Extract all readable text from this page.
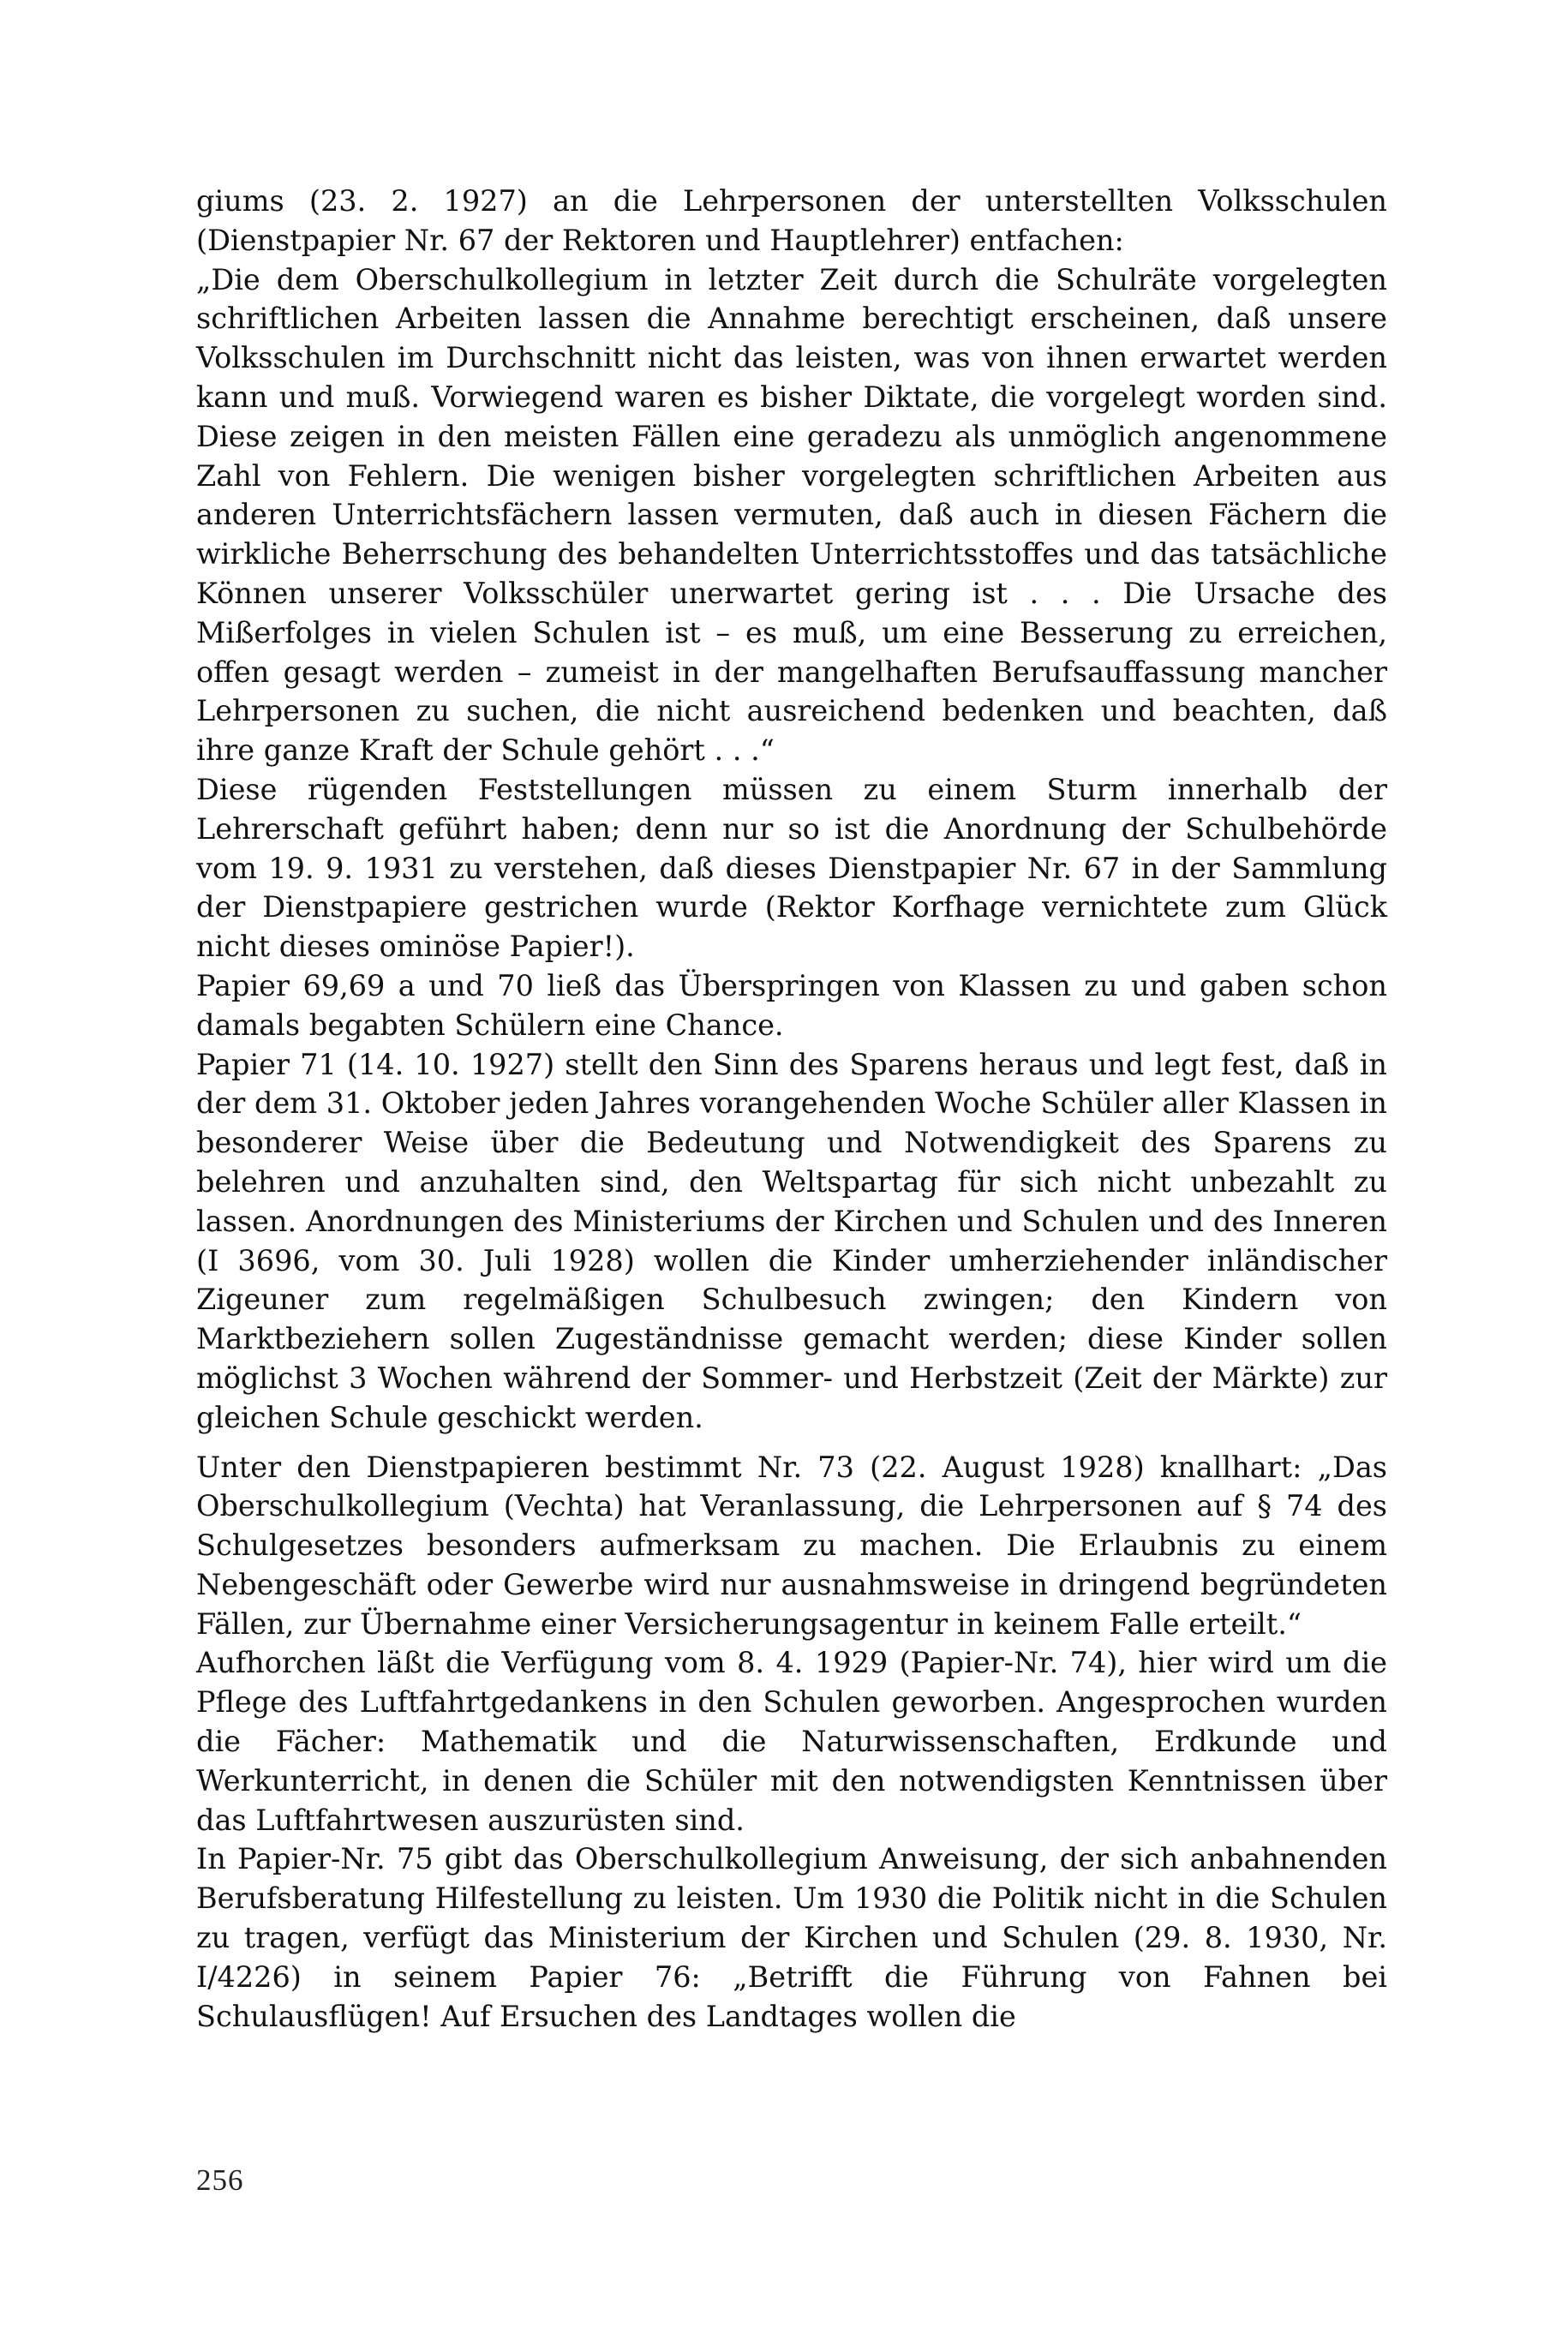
giums (23. 2. 1927) an die Lehrpersonen der unterstellten Volksschulen (Dienstpapier Nr. 67 der Rektoren und Hauptlehrer) entfachen:

„Die dem Oberschulkollegium in letzter Zeit durch die Schulräte vorgelegten schriftlichen Arbeiten lassen die Annahme berechtigt erscheinen, daß unsere Volksschulen im Durchschnitt nicht das leisten, was von ihnen erwartet werden kann und muß. Vorwiegend waren es bisher Diktate, die vorgelegt worden sind. Diese zeigen in den meisten Fällen eine geradezu als unmöglich angenommene Zahl von Fehlern. Die wenigen bisher vorgelegten schriftlichen Arbeiten aus anderen Unterrichtsfächern lassen vermuten, daß auch in diesen Fächern die wirkliche Beherrschung des behandelten Unterrichtsstoffes und das tatsächliche Können unserer Volksschüler unerwartet gering ist . . . Die Ursache des Mißerfolges in vielen Schulen ist – es muß, um eine Besserung zu erreichen, offen gesagt werden – zumeist in der mangelhaften Berufsauffassung mancher Lehrpersonen zu suchen, die nicht ausreichend bedenken und beachten, daß ihre ganze Kraft der Schule gehört . . .“

Diese rügenden Feststellungen müssen zu einem Sturm innerhalb der Lehrerschaft geführt haben; denn nur so ist die Anordnung der Schulbehörde vom 19. 9. 1931 zu verstehen, daß dieses Dienstpapier Nr. 67 in der Sammlung der Dienstpapiere gestrichen wurde (Rektor Korfhage vernichtete zum Glück nicht dieses ominöse Papier!).

Papier 69,69 a und 70 ließ das Überspringen von Klassen zu und gaben schon damals begabten Schülern eine Chance.

Papier 71 (14. 10. 1927) stellt den Sinn des Sparens heraus und legt fest, daß in der dem 31. Oktober jeden Jahres vorangehenden Woche Schüler aller Klassen in besonderer Weise über die Bedeutung und Notwendigkeit des Sparens zu belehren und anzuhalten sind, den Weltspartag für sich nicht unbezahlt zu lassen. Anordnungen des Ministeriums der Kirchen und Schulen und des Inneren (I 3696, vom 30. Juli 1928) wollen die Kinder umherziehender inländischer Zigeuner zum regelmäßigen Schulbesuch zwingen; den Kindern von Marktbeziehern sollen Zugeständnisse gemacht werden; diese Kinder sollen möglichst 3 Wochen während der Sommer- und Herbstzeit (Zeit der Märkte) zur gleichen Schule geschickt werden.

Unter den Dienstpapieren bestimmt Nr. 73 (22. August 1928) knallhart: „Das Oberschulkollegium (Vechta) hat Veranlassung, die Lehrpersonen auf § 74 des Schulgesetzes besonders aufmerksam zu machen. Die Erlaubnis zu einem Nebengeschäft oder Gewerbe wird nur ausnahmsweise in dringend begründeten Fällen, zur Übernahme einer Versicherungsagentur in keinem Falle erteilt.“

Aufhorchen läßt die Verfügung vom 8. 4. 1929 (Papier-Nr. 74), hier wird um die Pflege des Luftfahrtgedankens in den Schulen geworben. Angesprochen wurden die Fächer: Mathematik und die Naturwissenschaften, Erdkunde und Werkunterricht, in denen die Schüler mit den notwendigsten Kenntnissen über das Luftfahrtwesen auszurüsten sind.

In Papier-Nr. 75 gibt das Oberschulkollegium Anweisung, der sich anbahnenden Berufsberatung Hilfestellung zu leisten. Um 1930 die Politik nicht in die Schulen zu tragen, verfügt das Ministerium der Kirchen und Schulen (29. 8. 1930, Nr. I/4226) in seinem Papier 76: „Betrifft die Führung von Fahnen bei Schulausflügen! Auf Ersuchen des Landtages wollen die

256
